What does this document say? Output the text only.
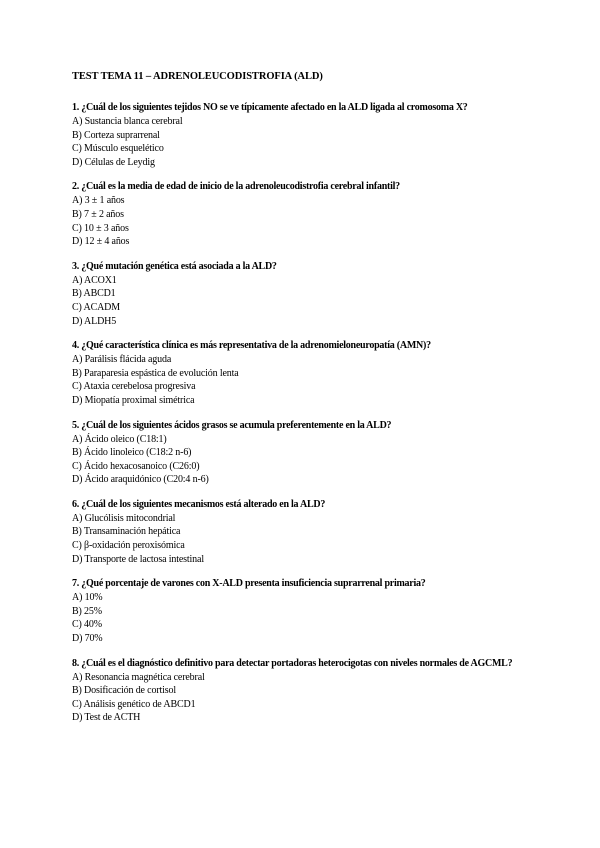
TEST TEMA 11 – ADRENOLEUCODISTROFIA (ALD)
1. ¿Cuál de los siguientes tejidos NO se ve típicamente afectado en la ALD ligada al cromosoma X?
A) Sustancia blanca cerebral
B) Corteza suprarrenal
C) Músculo esquelético
D) Células de Leydig
2. ¿Cuál es la media de edad de inicio de la adrenoleucodistrofia cerebral infantil?
A) 3 ± 1 años
B) 7 ± 2 años
C) 10 ± 3 años
D) 12 ± 4 años
3. ¿Qué mutación genética está asociada a la ALD?
A) ACOX1
B) ABCD1
C) ACADM
D) ALDH5
4. ¿Qué característica clínica es más representativa de la adrenomieloneuropatía (AMN)?
A) Parálisis flácida aguda
B) Paraparesia espástica de evolución lenta
C) Ataxia cerebelosa progresiva
D) Miopatía proximal simétrica
5. ¿Cuál de los siguientes ácidos grasos se acumula preferentemente en la ALD?
A) Ácido oleico (C18:1)
B) Ácido linoleico (C18:2 n-6)
C) Ácido hexacosanoico (C26:0)
D) Ácido araquidónico (C20:4 n-6)
6. ¿Cuál de los siguientes mecanismos está alterado en la ALD?
A) Glucólisis mitocondrial
B) Transaminación hepática
C) β-oxidación peroxisómica
D) Transporte de lactosa intestinal
7. ¿Qué porcentaje de varones con X-ALD presenta insuficiencia suprarrenal primaria?
A) 10%
B) 25%
C) 40%
D) 70%
8. ¿Cuál es el diagnóstico definitivo para detectar portadoras heterocigotas con niveles normales de AGCML?
A) Resonancia magnética cerebral
B) Dosificación de cortisol
C) Análisis genético de ABCD1
D) Test de ACTH
